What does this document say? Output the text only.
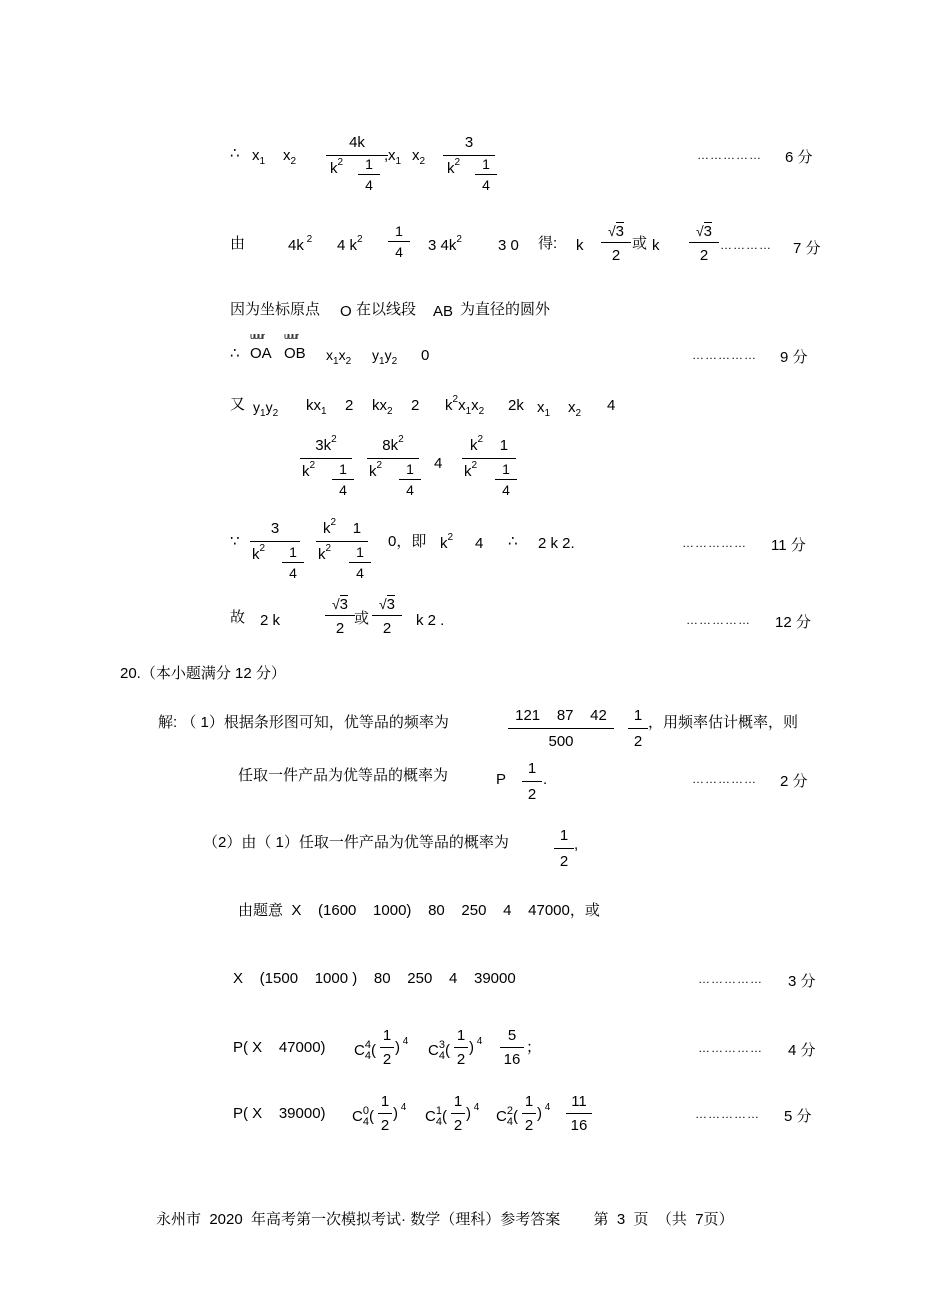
∴ $x_1$ $x_2$
4k
$k^2$	1
4
, $x_1$ $x_2$
3
$k^2$	1
4
…………… 6 分
由	4k $^2$ 4 $k^2$
1
4	3 $4k^2$ 3 0 得: k
√3
2
或 k
√3
2
………… 7 分
因为坐标原点 O 在以线段 AB 为直径的圆外
∴
uuur uuur
OA OB $x_1x_2$ $y_1y_2$ 0	…………… 9 分
又 $y_1y_2$ $kx_1$ 2 $kx_2$ 2 $k^2x_1x_2$ 2k $x_1$ $x_2$ 4
$3k^2$
$k^2$	1
4
$8k^2$
$k^2$	1
4
4
$k^2$ 1
$k^2$	1
4
∵
3
$k^2$	1
4
$k^2$ 1
$k^2$	1
4
0，即 $k^2$ 4 ∴ 2 k 2.	…………… 11 分
故 2 k
√3
2
或
√3
2	k 2 .	…………… 12 分
20.（本小题满分 12 分）
解: （ 1）根据条形图可知，优等品的频率为	121    87    42
500
1
2
，用频率估计概率，则
任取一件产品为优等品的概率为	P
1
2
.	…………… 2 分
（2）由（ 1）任取一件产品为优等品的概率为	1
2
,
由题意  X    (1600    1000)    80    250    4    47000，或
X    (1500    1000 )    80    250    4    39000	…………… 3 分
P( X    47000) C 4
4 (
1
2
) $^4$
C 3
4 (
1
2
) $^4$	5
16
；	…………… 4 分
P( X    39000) C 0
4 (
1
2
) $^4$
C 1
4 (
1
2
) $^4$
C 2
4 (
1
2
) $^4$	11
16
…………… 5 分
永州市  2020  年高考第一次模拟考试· 数学（理科）参考答案        第  3  页  （共  7页）
